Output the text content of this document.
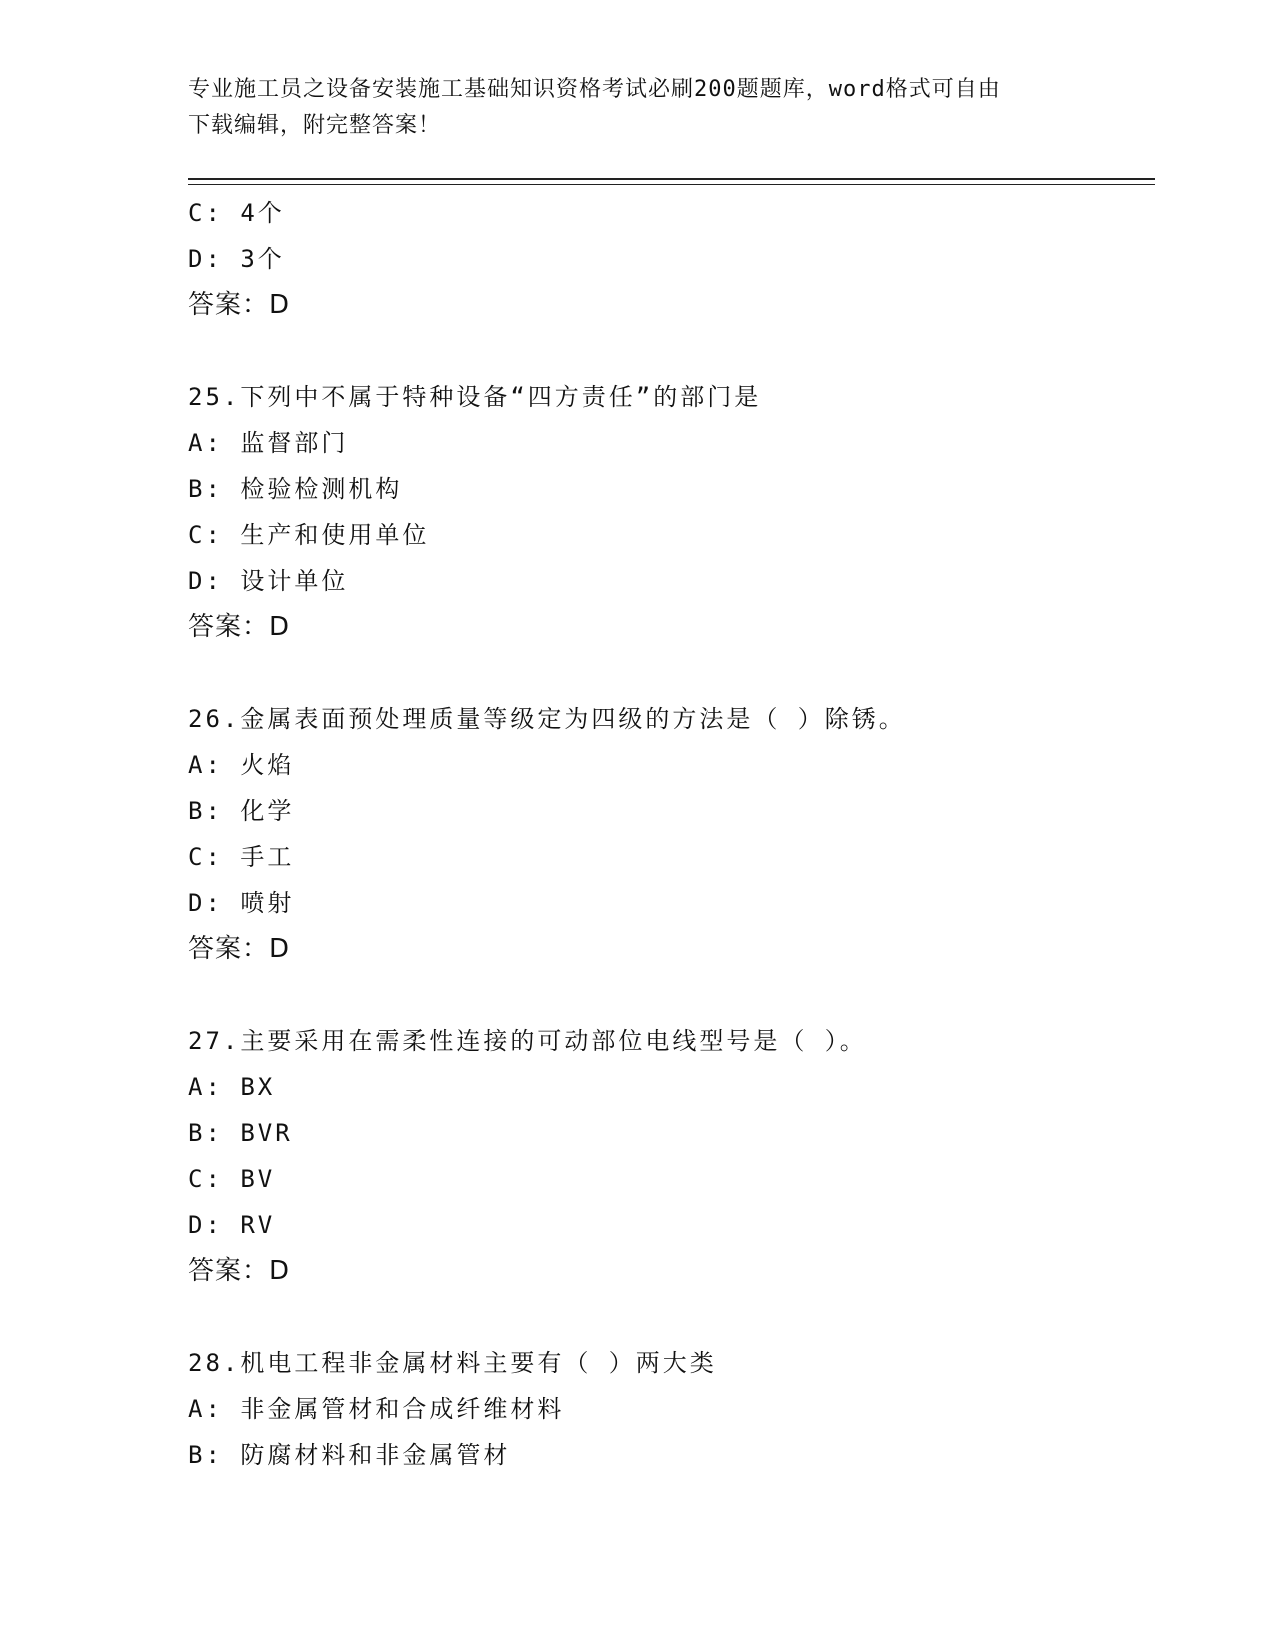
专业施工员之设备安装施工基础知识资格考试必刷200题题库，word格式可自由
下载编辑，附完整答案！
C: 4个
D: 3个
答案：D
25.下列中不属于特种设备“四方责任”的部门是
A: 监督部门
B: 检验检测机构
C: 生产和使用单位
D: 设计单位
答案：D
26.金属表面预处理质量等级定为四级的方法是（ ）除锈。
A: 火焰
B: 化学
C: 手工
D: 喷射
答案：D
27.主要采用在需柔性连接的可动部位电线型号是（ ）。
A: BX
B: BVR
C: BV
D: RV
答案：D
28.机电工程非金属材料主要有（ ）两大类
A: 非金属管材和合成纤维材料
B: 防腐材料和非金属管材
